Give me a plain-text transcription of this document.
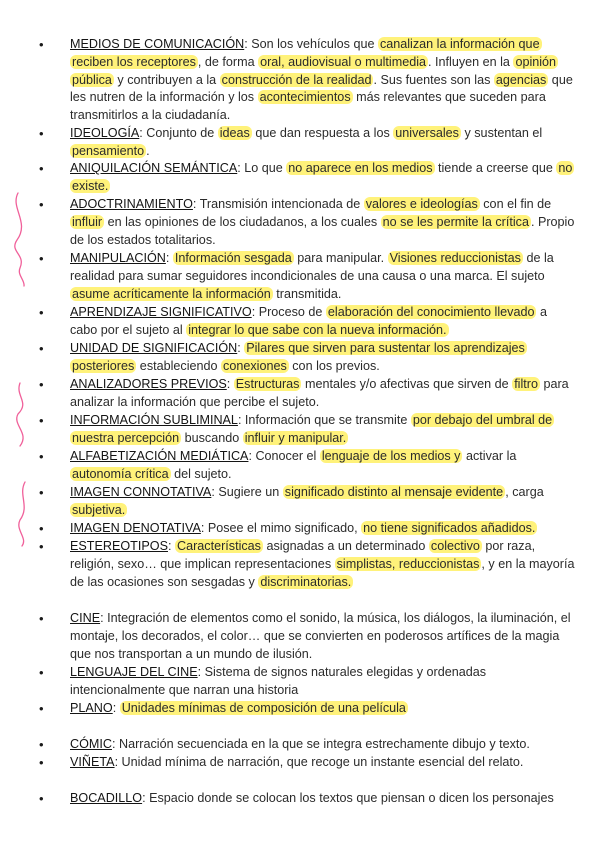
• MEDIOS DE COMUNICACIÓN: Son los vehículos que canalizan la información que reciben los receptores , de forma oral, audiovisual o multimedia . Influyen en la opinión pública y contribuyen a la construcción de la realidad . Sus fuentes son las agencias que les nutren de la información y los acontecimientos más relevantes que suceden para transmitirlos a la ciudadanía.
• IDEOLOGÍA: Conjunto de ideas que dan respuesta a los universales y sustentan el pensamiento .
• ANIQUILACIÓN SEMÁNTICA: Lo que no aparece en los medios tiende a creerse que no existe.
• ADOCTRINAMIENTO: Transmisión intencionada de valores e ideologías con el fin de influir en las opiniones de los ciudadanos, a los cuales no se les permite la crítica . Propio de los estados totalitarios.
• MANIPULACIÓN: Información sesgada para manipular. Visiones reduccionistas de la realidad para sumar seguidores incondicionales de una causa o una marca. El sujeto asume acríticamente la información transmitida.
• APRENDIZAJE SIGNIFICATIVO: Proceso de elaboración del conocimiento llevado a cabo por el sujeto al integrar lo que sabe con la nueva información.
• UNIDAD DE SIGNIFICACIÓN: Pilares que sirven para sustentar los aprendizajes posteriores estableciendo conexiones con los previos.
• ANALIZADORES PREVIOS: Estructuras mentales y/o afectivas que sirven de filtro para analizar la información que percibe el sujeto.
• INFORMACIÓN SUBLIMINAL: Información que se transmite por debajo del umbral de nuestra percepción buscando influir y manipular.
• ALFABETIZACIÓN MEDIÁTICA: Conocer el lenguaje de los medios y activar la autonomía crítica del sujeto.
• IMAGEN CONNOTATIVA: Sugiere un significado distinto al mensaje evidente , carga subjetiva.
• IMAGEN DENOTATIVA: Posee el mimo significado, no tiene significados añadidos.
• ESTEREOTIPOS: Características asignadas a un determinado colectivo por raza, religión, sexo… que implican representaciones simplistas, reduccionistas , y en la mayoría de las ocasiones son sesgadas y discriminatorias.
• CINE: Integración de elementos como el sonido, la música, los diálogos, la iluminación, el montaje, los decorados, el color… que se convierten en poderosos artífices de la magia que nos transportan a un mundo de ilusión.
• LENGUAJE DEL CINE: Sistema de signos naturales elegidas y ordenadas intencionalmente que narran una historia
• PLANO: Unidades mínimas de composición de una película
• CÓMIC: Narración secuenciada en la que se integra estrechamente dibujo y texto.
• VIÑETA: Unidad mínima de narración, que recoge un instante esencial del relato.
• BOCADILLO: Espacio donde se colocan los textos que piensan o dicen los personajes
